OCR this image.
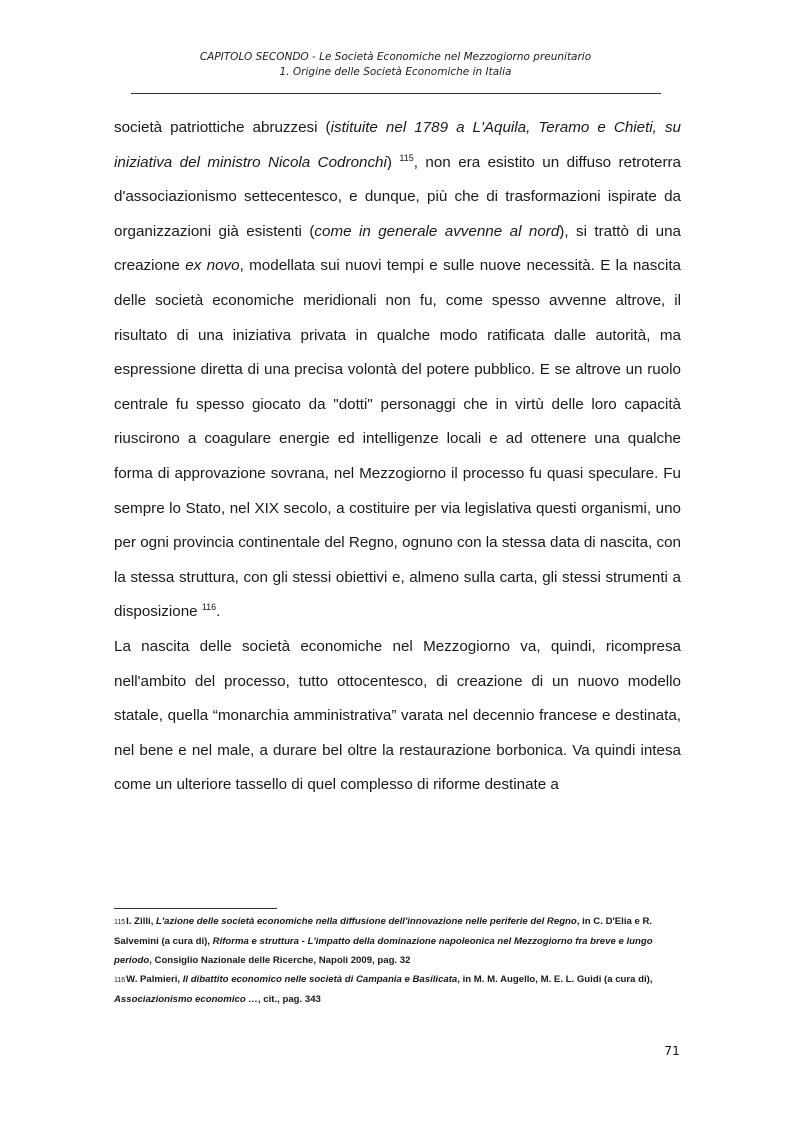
CAPITOLO SECONDO - Le Società Economiche nel Mezzogiorno preunitario
1. Origine delle Società Economiche in Italia

società patriottiche abruzzesi (istituite nel 1789 a L'Aquila, Teramo e Chieti, su iniziativa del ministro Nicola Codronchi) $^{115}$, non era esistito un diffuso retroterra d'associazionismo settecentesco, e dunque, più che di trasformazioni ispirate da organizzazioni già esistenti (come in generale avvenne al nord), si trattò di una creazione ex novo, modellata sui nuovi tempi e sulle nuove necessità. E la nascita delle società economiche meridionali non fu, come spesso avvenne altrove, il risultato di una iniziativa privata in qualche modo ratificata dalle autorità, ma espressione diretta di una precisa volontà del potere pubblico. E se altrove un ruolo centrale fu spesso giocato da "dotti" personaggi che in virtù delle loro capacità riuscirono a coagulare energie ed intelligenze locali e ad ottenere una qualche forma di approvazione sovrana, nel Mezzogiorno il processo fu quasi speculare. Fu sempre lo Stato, nel XIX secolo, a costituire per via legislativa questi organismi, uno per ogni provincia continentale del Regno, ognuno con la stessa data di nascita, con la stessa struttura, con gli stessi obiettivi e, almeno sulla carta, gli stessi strumenti a disposizione $^{116}$.

La nascita delle società economiche nel Mezzogiorno va, quindi, ricompresa nell'ambito del processo, tutto ottocentesco, di creazione di un nuovo modello statale, quella “monarchia amministrativa” varata nel decennio francese e destinata, nel bene e nel male, a durare bel oltre la restaurazione borbonica. Va quindi intesa come un ulteriore tassello di quel complesso di riforme destinate a

115I. Zilli, L'azione delle società economiche nella diffusione dell'innovazione nelle periferie del Regno, in C. D'Elia e R. Salvemini (a cura di), Riforma e struttura - L'impatto della dominazione napoleonica nel Mezzogiorno fra breve e lungo periodo, Consiglio Nazionale delle Ricerche, Napoli 2009, pag. 32

116W. Palmieri, Il dibattito economico nelle società di Campania e Basilicata, in M. M. Augello, M. E. L. Guidi (a cura di), Associazionismo economico …, cit., pag. 343

71
